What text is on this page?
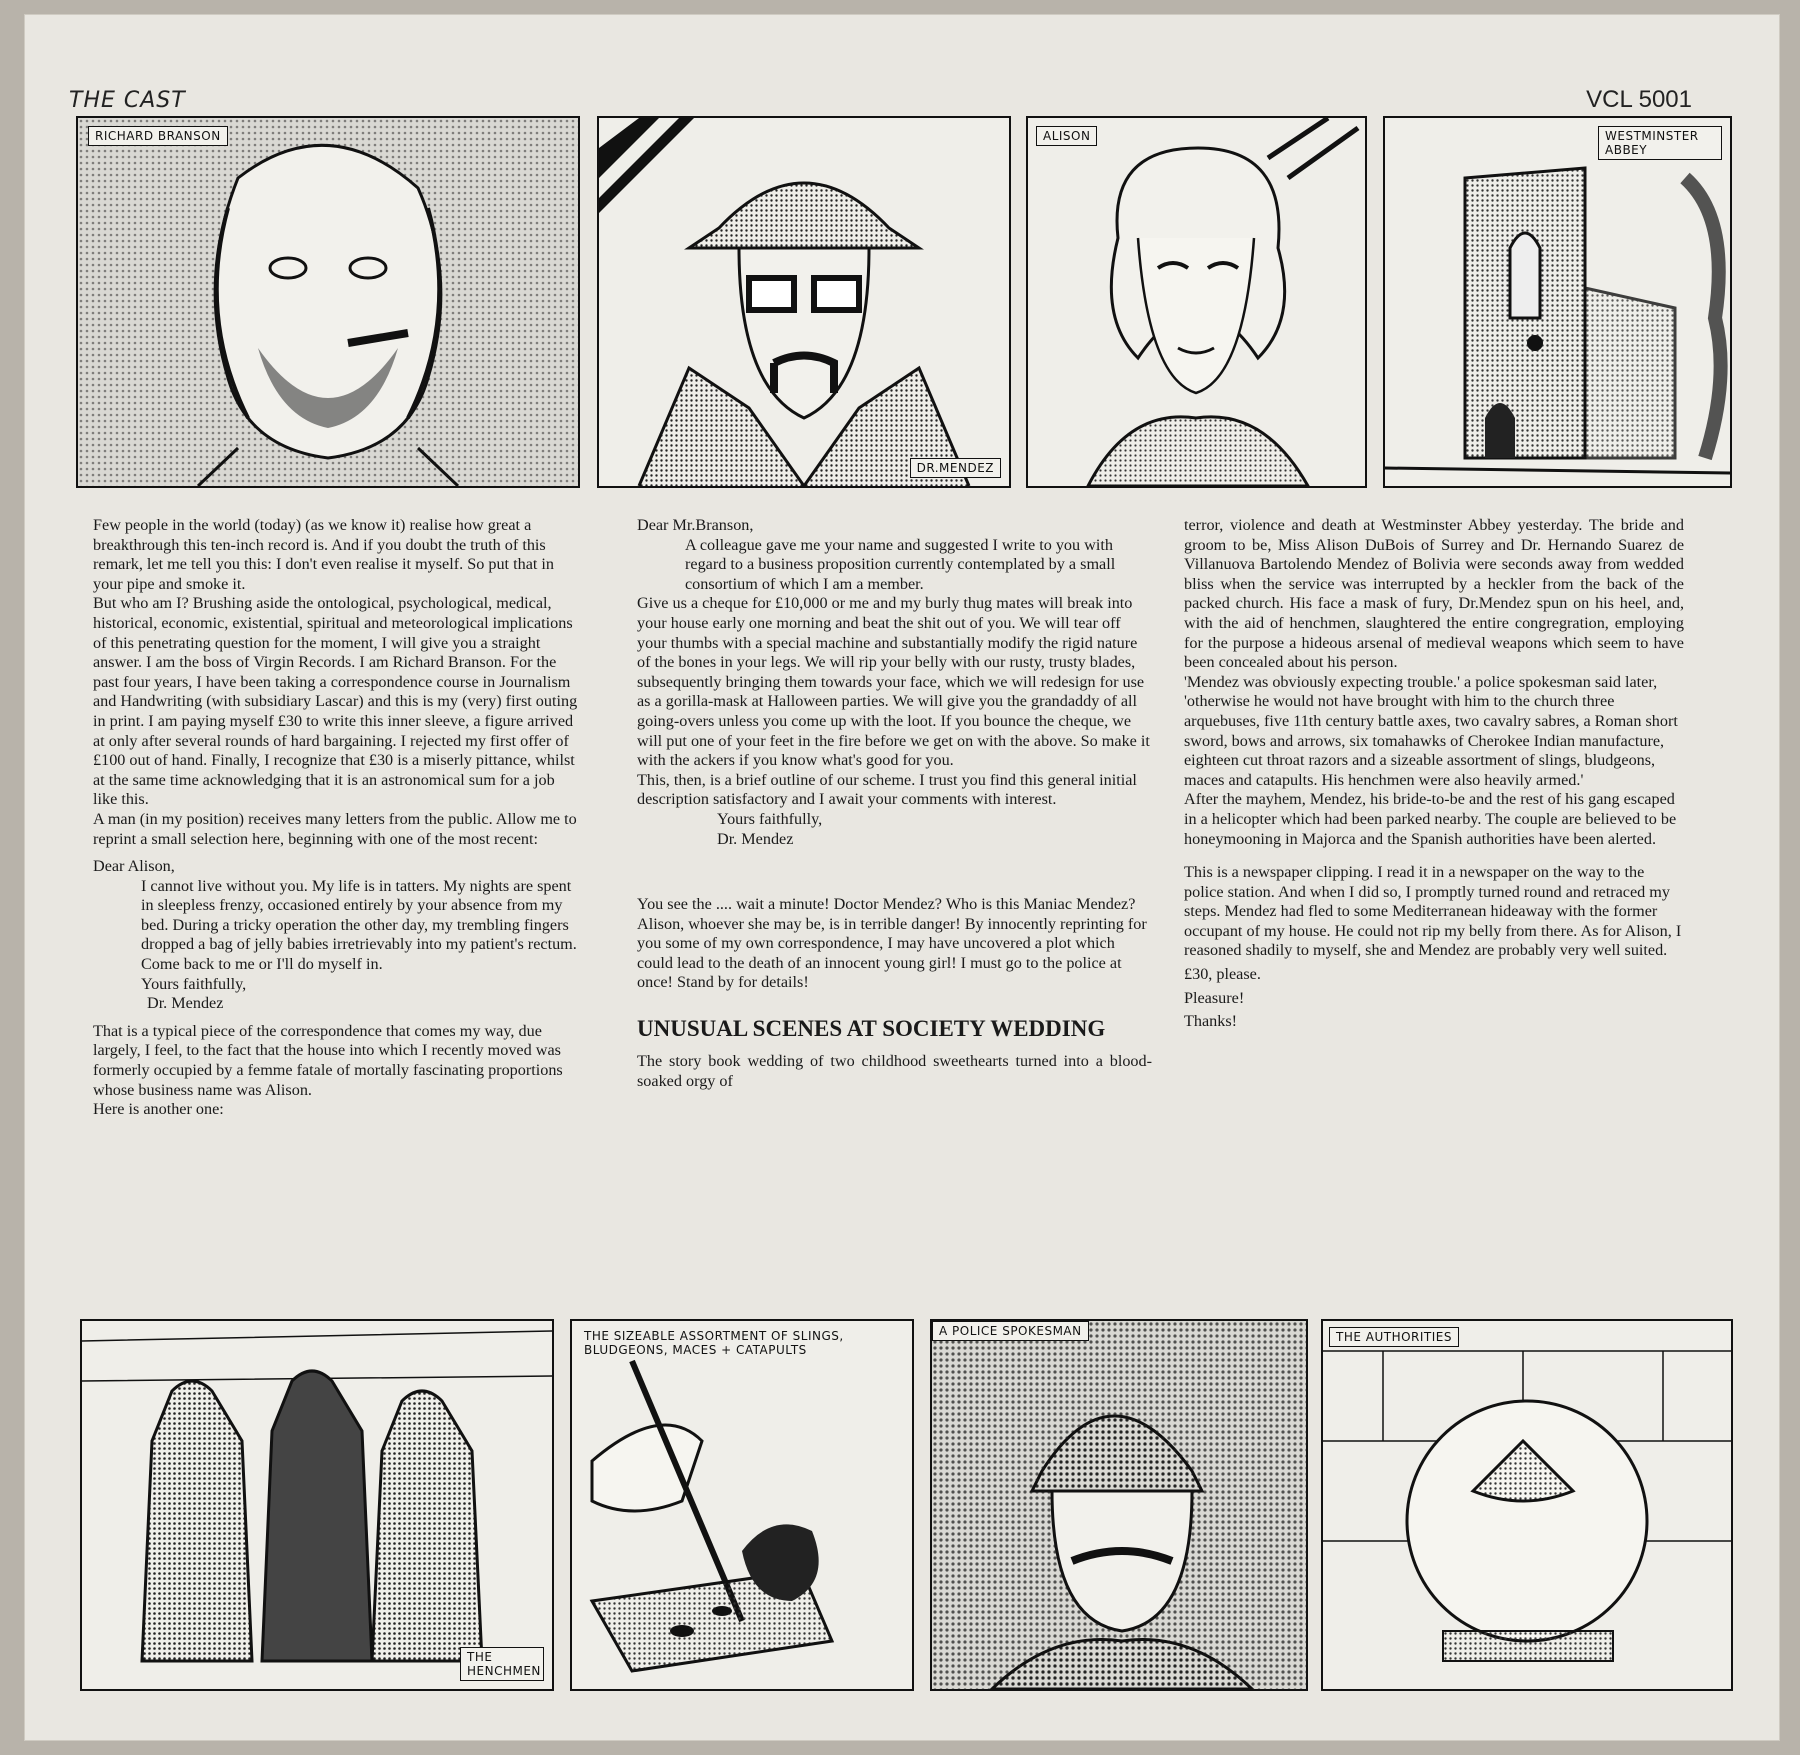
THE CAST	VCL 5001
RICHARD BRANSON
DR.MENDEZ
ALISON	WESTMINSTER ABBEY

Few people in the world (today) (as we know it) realise how great a breakthrough this ten-inch record is. And if you doubt the truth of this remark, let me tell you this: I don't even realise it myself. So put that in your pipe and smoke it.

But who am I? Brushing aside the ontological, psychological, medical, historical, economic, existential, spiritual and meteorological implications of this penetrating question for the moment, I will give you a straight answer. I am the boss of Virgin Records. I am Richard Branson. For the past four years, I have been taking a correspondence course in Journalism and Handwriting (with subsidiary Lascar) and this is my (very) first outing in print. I am paying myself £30 to write this inner sleeve, a figure arrived at only after several rounds of hard bargaining. I rejected my first offer of £100 out of hand. Finally, I recognize that £30 is a miserly pittance, whilst at the same time acknowledging that it is an astronomical sum for a job like this.

A man (in my position) receives many letters from the public. Allow me to reprint a small selection here, beginning with one of the most recent:

Dear Alison,

I cannot live without you. My life is in tatters. My nights are spent in sleepless frenzy, occasioned entirely by your absence from my bed. During a tricky operation the other day, my trembling fingers dropped a bag of jelly babies irretrievably into my patient's rectum. Come back to me or I'll do myself in.

Yours faithfully,

Dr. Mendez

That is a typical piece of the correspondence that comes my way, due largely, I feel, to the fact that the house into which I recently moved was formerly occupied by a femme fatale of mortally fascinating proportions whose business name was Alison.

Here is another one:

Dear Mr.Branson,

A colleague gave me your name and suggested I write to you with regard to a business proposition currently contemplated by a small consortium of which I am a member.

Give us a cheque for £10,000 or me and my burly thug mates will break into your house early one morning and beat the shit out of you. We will tear off your thumbs with a special machine and substantially modify the rigid nature of the bones in your legs. We will rip your belly with our rusty, trusty blades, subsequently bringing them towards your face, which we will redesign for use as a gorilla-mask at Halloween parties. We will give you the grandaddy of all going-overs unless you come up with the loot. If you bounce the cheque, we will put one of your feet in the fire before we get on with the above. So make it with the ackers if you know what's good for you.

This, then, is a brief outline of our scheme. I trust you find this general initial description satisfactory and I await your comments with interest.

Yours faithfully,

Dr. Mendez

You see the .... wait a minute! Doctor Mendez? Who is this Maniac Mendez? Alison, whoever she may be, is in terrible danger! By innocently reprinting for you some of my own correspondence, I may have uncovered a plot which could lead to the death of an innocent young girl! I must go to the police at once! Stand by for details!

UNUSUAL SCENES AT SOCIETY WEDDING

The story book wedding of two childhood sweethearts turned into a blood-soaked orgy of

terror, violence and death at Westminster Abbey yesterday. The bride and groom to be, Miss Alison DuBois of Surrey and Dr. Hernando Suarez de Villanuova Bartolendo Mendez of Bolivia were seconds away from wedded bliss when the service was interrupted by a heckler from the back of the packed church. His face a mask of fury, Dr.Mendez spun on his heel, and, with the aid of henchmen, slaughtered the entire congregration, employing for the purpose a hideous arsenal of medieval weapons which seem to have been concealed about his person.

'Mendez was obviously expecting trouble.' a police spokesman said later, 'otherwise he would not have brought with him to the church three arquebuses, five 11th century battle axes, two cavalry sabres, a Roman short sword, bows and arrows, six tomahawks of Cherokee Indian manufacture, eighteen cut throat razors and a sizeable assortment of slings, bludgeons, maces and catapults. His henchmen were also heavily armed.'

After the mayhem, Mendez, his bride-to-be and the rest of his gang escaped in a helicopter which had been parked nearby. The couple are believed to be honeymooning in Majorca and the Spanish authorities have been alerted.

This is a newspaper clipping. I read it in a newspaper on the way to the police station. And when I did so, I promptly turned round and retraced my steps. Mendez had fled to some Mediterranean hideaway with the former occupant of my house. He could not rip my belly from there. As for Alison, I reasoned shadily to myself, she and Mendez are probably very well suited.

£30, please.

Pleasure!

Thanks!

THE HENCHMEN
THE SIZEABLE ASSORTMENT OF SLINGS, BLUDGEONS, MACES + CATAPULTS
A POLICE SPOKESMAN	THE AUTHORITIES
